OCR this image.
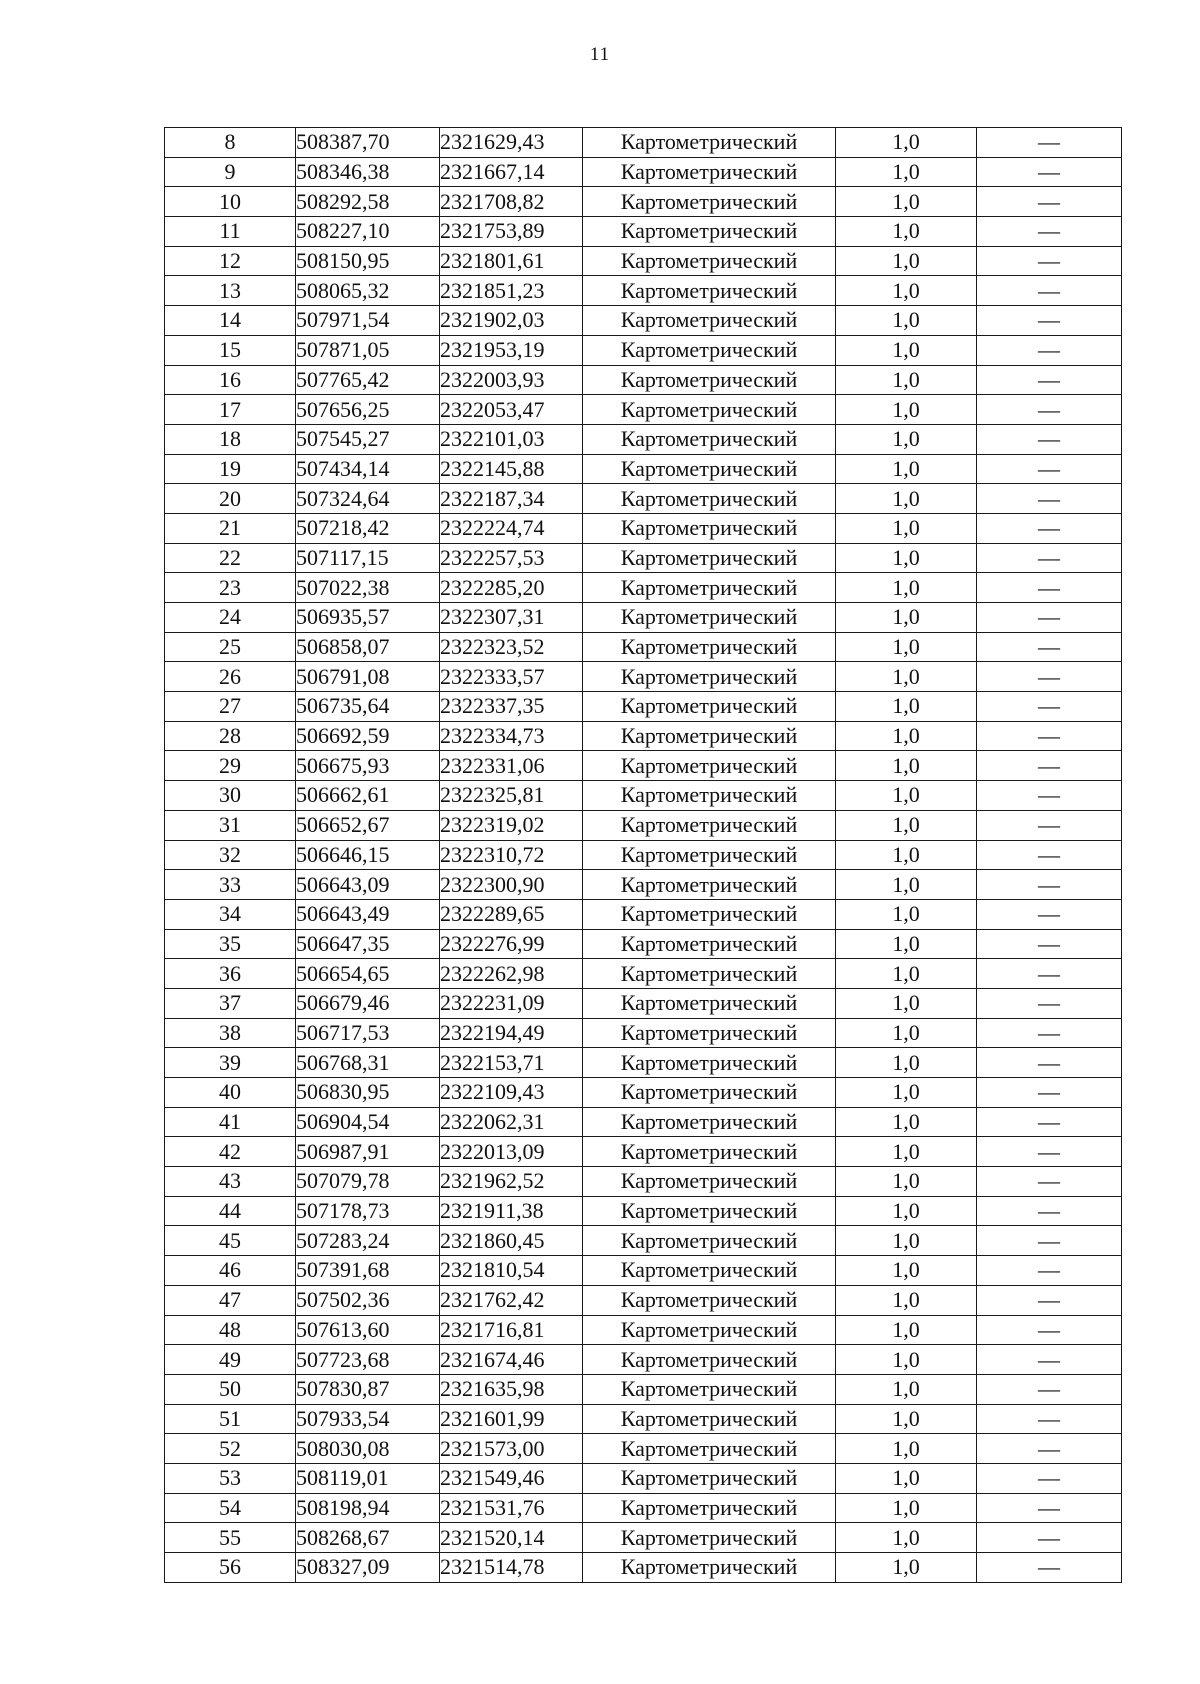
11
8	508387,70	2321629,43	Картометрический	1,0	—
9	508346,38	2321667,14	Картометрический	1,0	—
10	508292,58	2321708,82	Картометрический	1,0	—
11	508227,10	2321753,89	Картометрический	1,0	—
12	508150,95	2321801,61	Картометрический	1,0	—
13	508065,32	2321851,23	Картометрический	1,0	—
14	507971,54	2321902,03	Картометрический	1,0	—
15	507871,05	2321953,19	Картометрический	1,0	—
16	507765,42	2322003,93	Картометрический	1,0	—
17	507656,25	2322053,47	Картометрический	1,0	—
18	507545,27	2322101,03	Картометрический	1,0	—
19	507434,14	2322145,88	Картометрический	1,0	—
20	507324,64	2322187,34	Картометрический	1,0	—
21	507218,42	2322224,74	Картометрический	1,0	—
22	507117,15	2322257,53	Картометрический	1,0	—
23	507022,38	2322285,20	Картометрический	1,0	—
24	506935,57	2322307,31	Картометрический	1,0	—
25	506858,07	2322323,52	Картометрический	1,0	—
26	506791,08	2322333,57	Картометрический	1,0	—
27	506735,64	2322337,35	Картометрический	1,0	—
28	506692,59	2322334,73	Картометрический	1,0	—
29	506675,93	2322331,06	Картометрический	1,0	—
30	506662,61	2322325,81	Картометрический	1,0	—
31	506652,67	2322319,02	Картометрический	1,0	—
32	506646,15	2322310,72	Картометрический	1,0	—
33	506643,09	2322300,90	Картометрический	1,0	—
34	506643,49	2322289,65	Картометрический	1,0	—
35	506647,35	2322276,99	Картометрический	1,0	—
36	506654,65	2322262,98	Картометрический	1,0	—
37	506679,46	2322231,09	Картометрический	1,0	—
38	506717,53	2322194,49	Картометрический	1,0	—
39	506768,31	2322153,71	Картометрический	1,0	—
40	506830,95	2322109,43	Картометрический	1,0	—
41	506904,54	2322062,31	Картометрический	1,0	—
42	506987,91	2322013,09	Картометрический	1,0	—
43	507079,78	2321962,52	Картометрический	1,0	—
44	507178,73	2321911,38	Картометрический	1,0	—
45	507283,24	2321860,45	Картометрический	1,0	—
46	507391,68	2321810,54	Картометрический	1,0	—
47	507502,36	2321762,42	Картометрический	1,0	—
48	507613,60	2321716,81	Картометрический	1,0	—
49	507723,68	2321674,46	Картометрический	1,0	—
50	507830,87	2321635,98	Картометрический	1,0	—
51	507933,54	2321601,99	Картометрический	1,0	—
52	508030,08	2321573,00	Картометрический	1,0	—
53	508119,01	2321549,46	Картометрический	1,0	—
54	508198,94	2321531,76	Картометрический	1,0	—
55	508268,67	2321520,14	Картометрический	1,0	—
56	508327,09	2321514,78	Картометрический	1,0	—
